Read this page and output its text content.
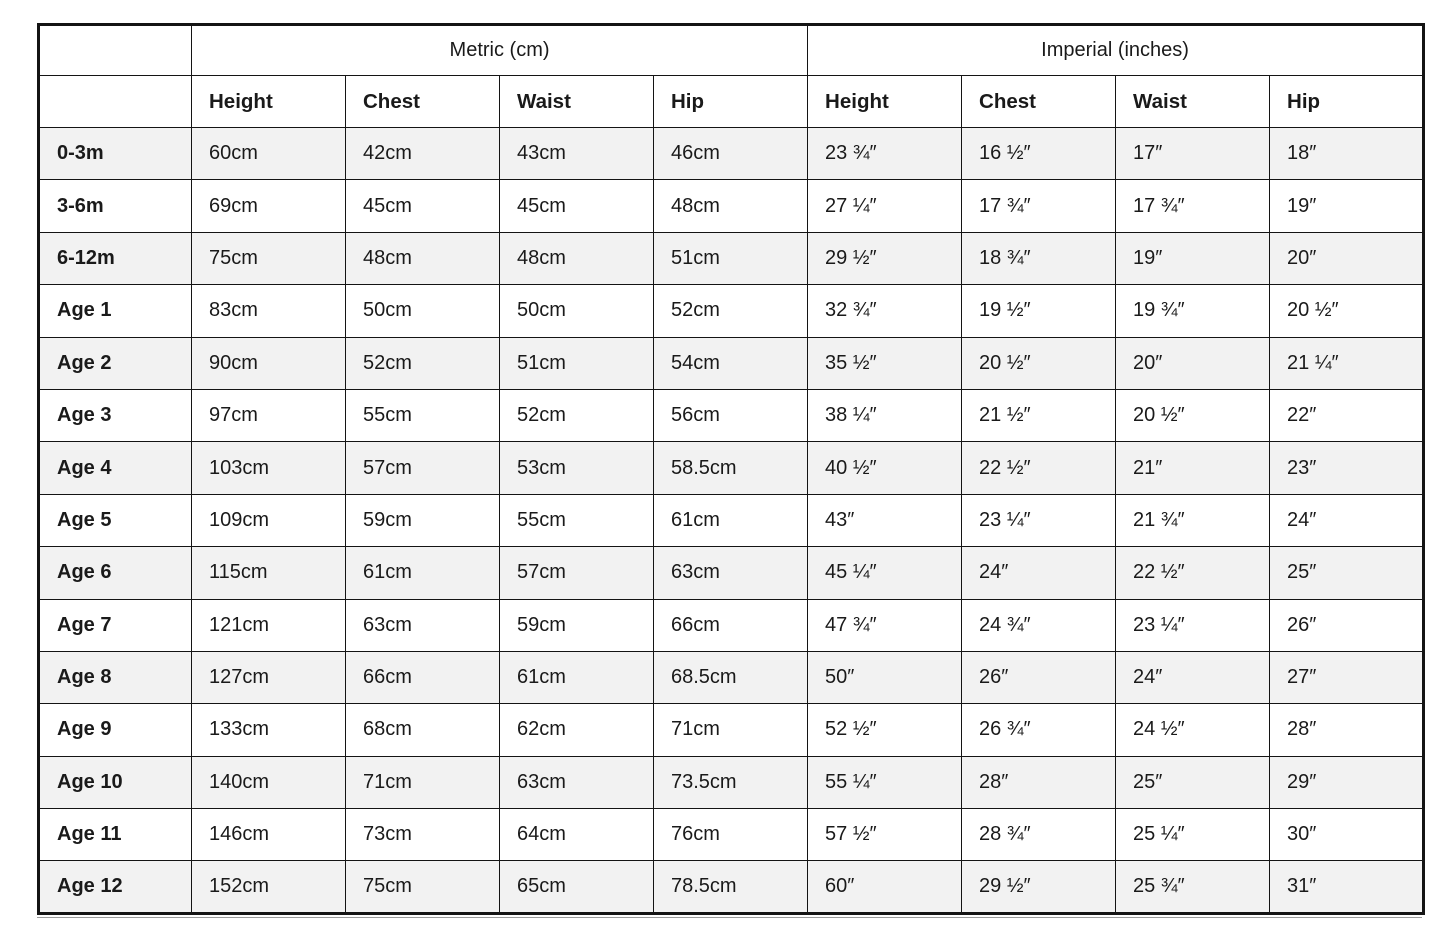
	Metric (cm)				Imperial (inches)			
	Height	Chest	Waist	Hip	Height	Chest	Waist	Hip
0-3m	60cm	42cm	43cm	46cm	23 ¾″	16 ½″	17″	18″
3-6m	69cm	45cm	45cm	48cm	27 ¼″	17 ¾″	17 ¾″	19″
6-12m	75cm	48cm	48cm	51cm	29 ½″	18 ¾″	19″	20″
Age 1	83cm	50cm	50cm	52cm	32 ¾″	19 ½″	19 ¾″	20 ½″
Age 2	90cm	52cm	51cm	54cm	35 ½″	20 ½″	20″	21 ¼″
Age 3	97cm	55cm	52cm	56cm	38 ¼″	21 ½″	20 ½″	22″
Age 4	103cm	57cm	53cm	58.5cm	40 ½″	22 ½″	21″	23″
Age 5	109cm	59cm	55cm	61cm	43″	23 ¼″	21 ¾″	24″
Age 6	115cm	61cm	57cm	63cm	45 ¼″	24″	22 ½″	25″
Age 7	121cm	63cm	59cm	66cm	47 ¾″	24 ¾″	23 ¼″	26″
Age 8	127cm	66cm	61cm	68.5cm	50″	26″	24″	27″
Age 9	133cm	68cm	62cm	71cm	52 ½″	26 ¾″	24 ½″	28″
Age 10	140cm	71cm	63cm	73.5cm	55 ¼″	28″	25″	29″
Age 11	146cm	73cm	64cm	76cm	57 ½″	28 ¾″	25 ¼″	30″
Age 12	152cm	75cm	65cm	78.5cm	60″	29 ½″	25 ¾″	31″
